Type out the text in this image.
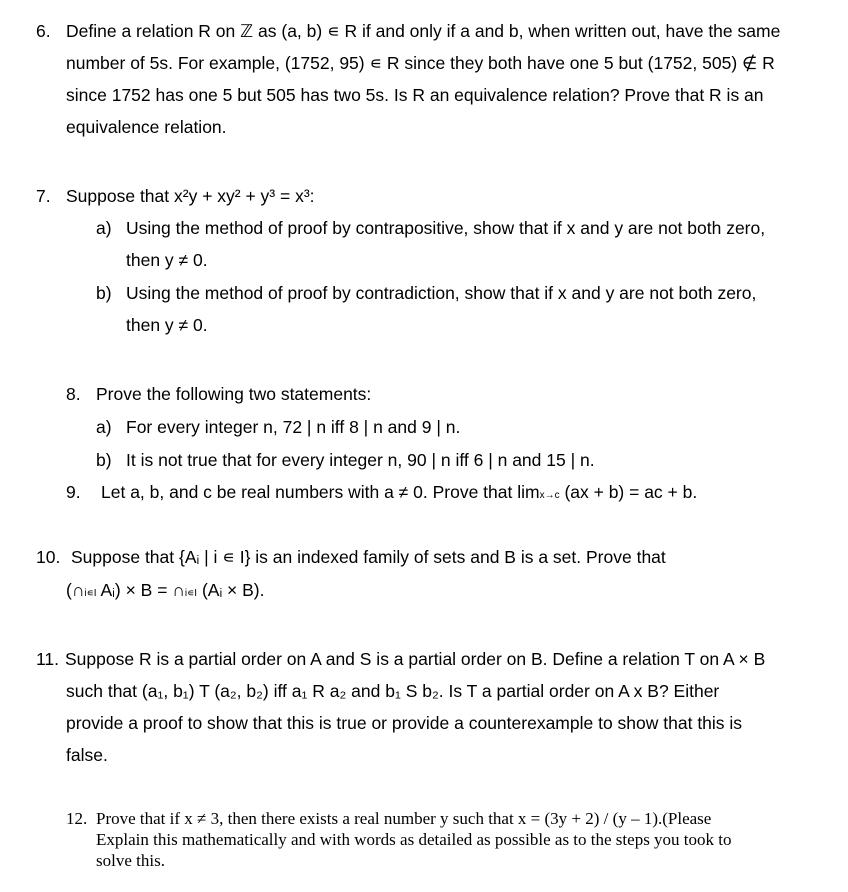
6. Define a relation R on ℤ as (a, b) ∊ R if and only if a and b, when written out, have the same
number of 5s. For example, (1752, 95) ∊ R since they both have one 5 but (1752, 505) ∉ R
since 1752 has one 5 but 505 has two 5s. Is R an equivalence relation? Prove that R is an
equivalence relation.
7. Suppose that x²y + xy² + y³ = x³:
a) Using the method of proof by contrapositive, show that if x and y are not both zero,
then y ≠ 0.
b) Using the method of proof by contradiction, show that if x and y are not both zero,
then y ≠ 0.
8. Prove the following two statements:
a) For every integer n, 72 | n iff 8 | n and 9 | n.
b) It is not true that for every integer n, 90 | n iff 6 | n and 15 | n.
9. Let a, b, and c be real numbers with a ≠ 0. Prove that limx→c (ax + b) = ac + b.
10. Suppose that {Aᵢ | i ∊ I} is an indexed family of sets and B is a set. Prove that
(∩i∊I Aᵢ) × B = ∩i∊I (Aᵢ × B).
11. Suppose R is a partial order on A and S is a partial order on B. Define a relation T on A × B
such that (a₁, b₁) T (a₂, b₂) iff a₁ R a₂ and b₁ S b₂. Is T a partial order on A x B? Either
provide a proof to show that this is true or provide a counterexample to show that this is
false.
12. Prove that if x ≠ 3, then there exists a real number y such that x = (3y + 2) / (y – 1).(Please
Explain this mathematically and with words as detailed as possible as to the steps you took to
solve this.
